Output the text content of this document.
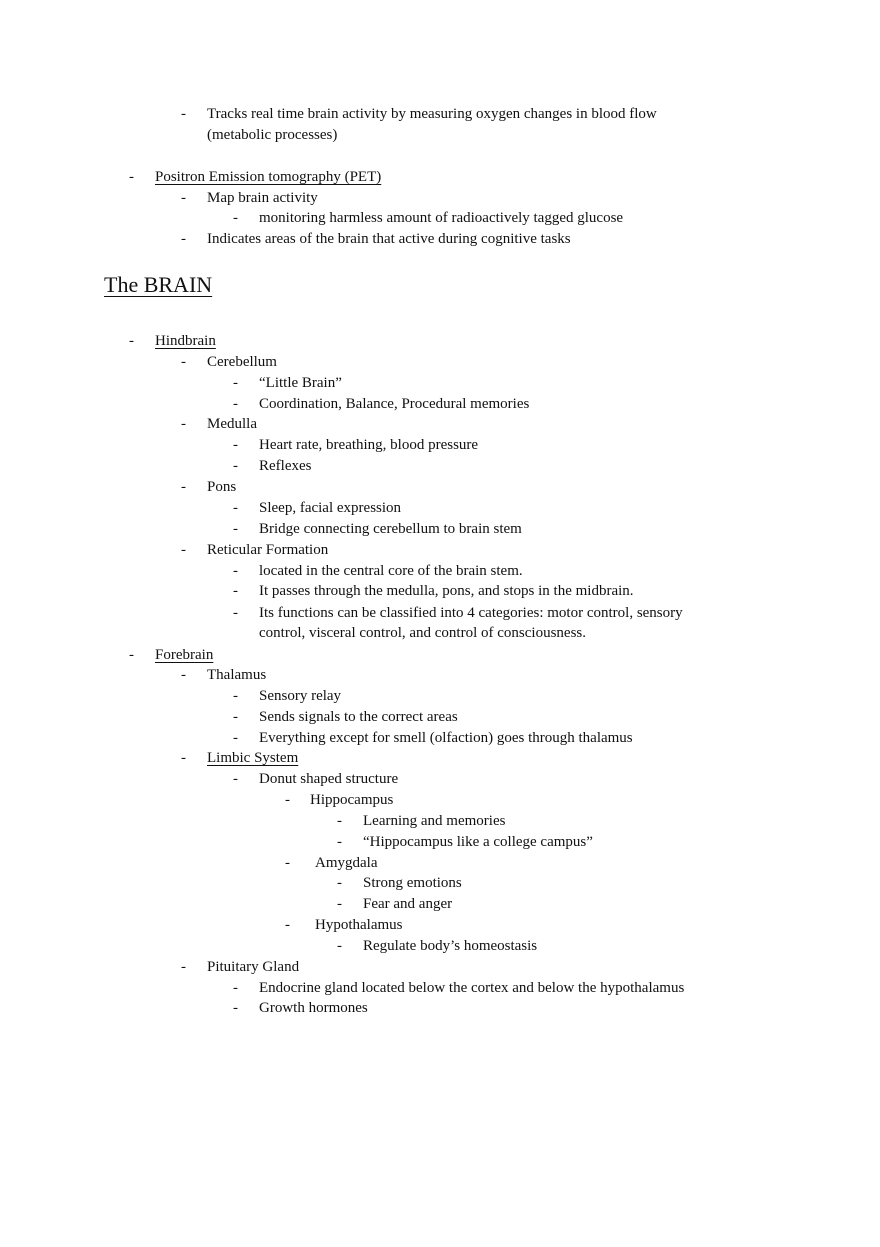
- Tracks real time brain activity by measuring oxygen changes in blood flow
(metabolic processes)
- Positron Emission tomography (PET)
- Map brain activity
- monitoring harmless amount of radioactively tagged glucose
- Indicates areas of the brain that active during cognitive tasks
The BRAIN
- Hindbrain
- Cerebellum
- “Little Brain”
- Coordination, Balance, Procedural memories
- Medulla
- Heart rate, breathing, blood pressure
- Reflexes
- Pons
- Sleep, facial expression
- Bridge connecting cerebellum to brain stem
- Reticular Formation
- located in the central core of the brain stem.
- It passes through the medulla, pons, and stops in the midbrain.
- Its functions can be classified into 4 categories: motor control, sensory
control, visceral control, and control of consciousness.
- Forebrain
- Thalamus
- Sensory relay
- Sends signals to the correct areas
- Everything except for smell (olfaction) goes through thalamus
- Limbic System
- Donut shaped structure
- Hippocampus
- Learning and memories
- “Hippocampus like a college campus”
- Amygdala
- Strong emotions
- Fear and anger
- Hypothalamus
- Regulate body’s homeostasis
- Pituitary Gland
- Endocrine gland located below the cortex and below the hypothalamus
- Growth hormones
